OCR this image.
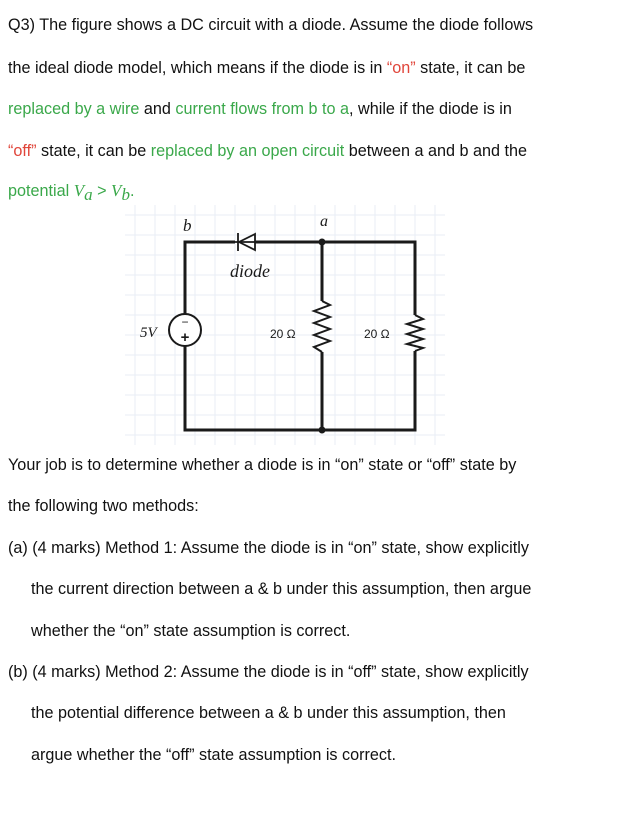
Q3) The figure shows a DC circuit with a diode. Assume the diode follows
the ideal diode model, which means if the diode is in “on” state, it can be
replaced by a wire and current flows from b to a, while if the diode is in
“off” state, it can be replaced by an open circuit between a and b and the
potential $V_a > V_b$.
−
+
b	a
diode
5V	20 Ω	20 Ω
Your job is to determine whether a diode is in “on” state or “off” state by
the following two methods:
(a) (4 marks) Method 1: Assume the diode is in “on” state, show explicitly
the current direction between a & b under this assumption, then argue
whether the “on” state assumption is correct.
(b) (4 marks) Method 2: Assume the diode is in “off” state, show explicitly
the potential difference between a & b under this assumption, then
argue whether the “off” state assumption is correct.
